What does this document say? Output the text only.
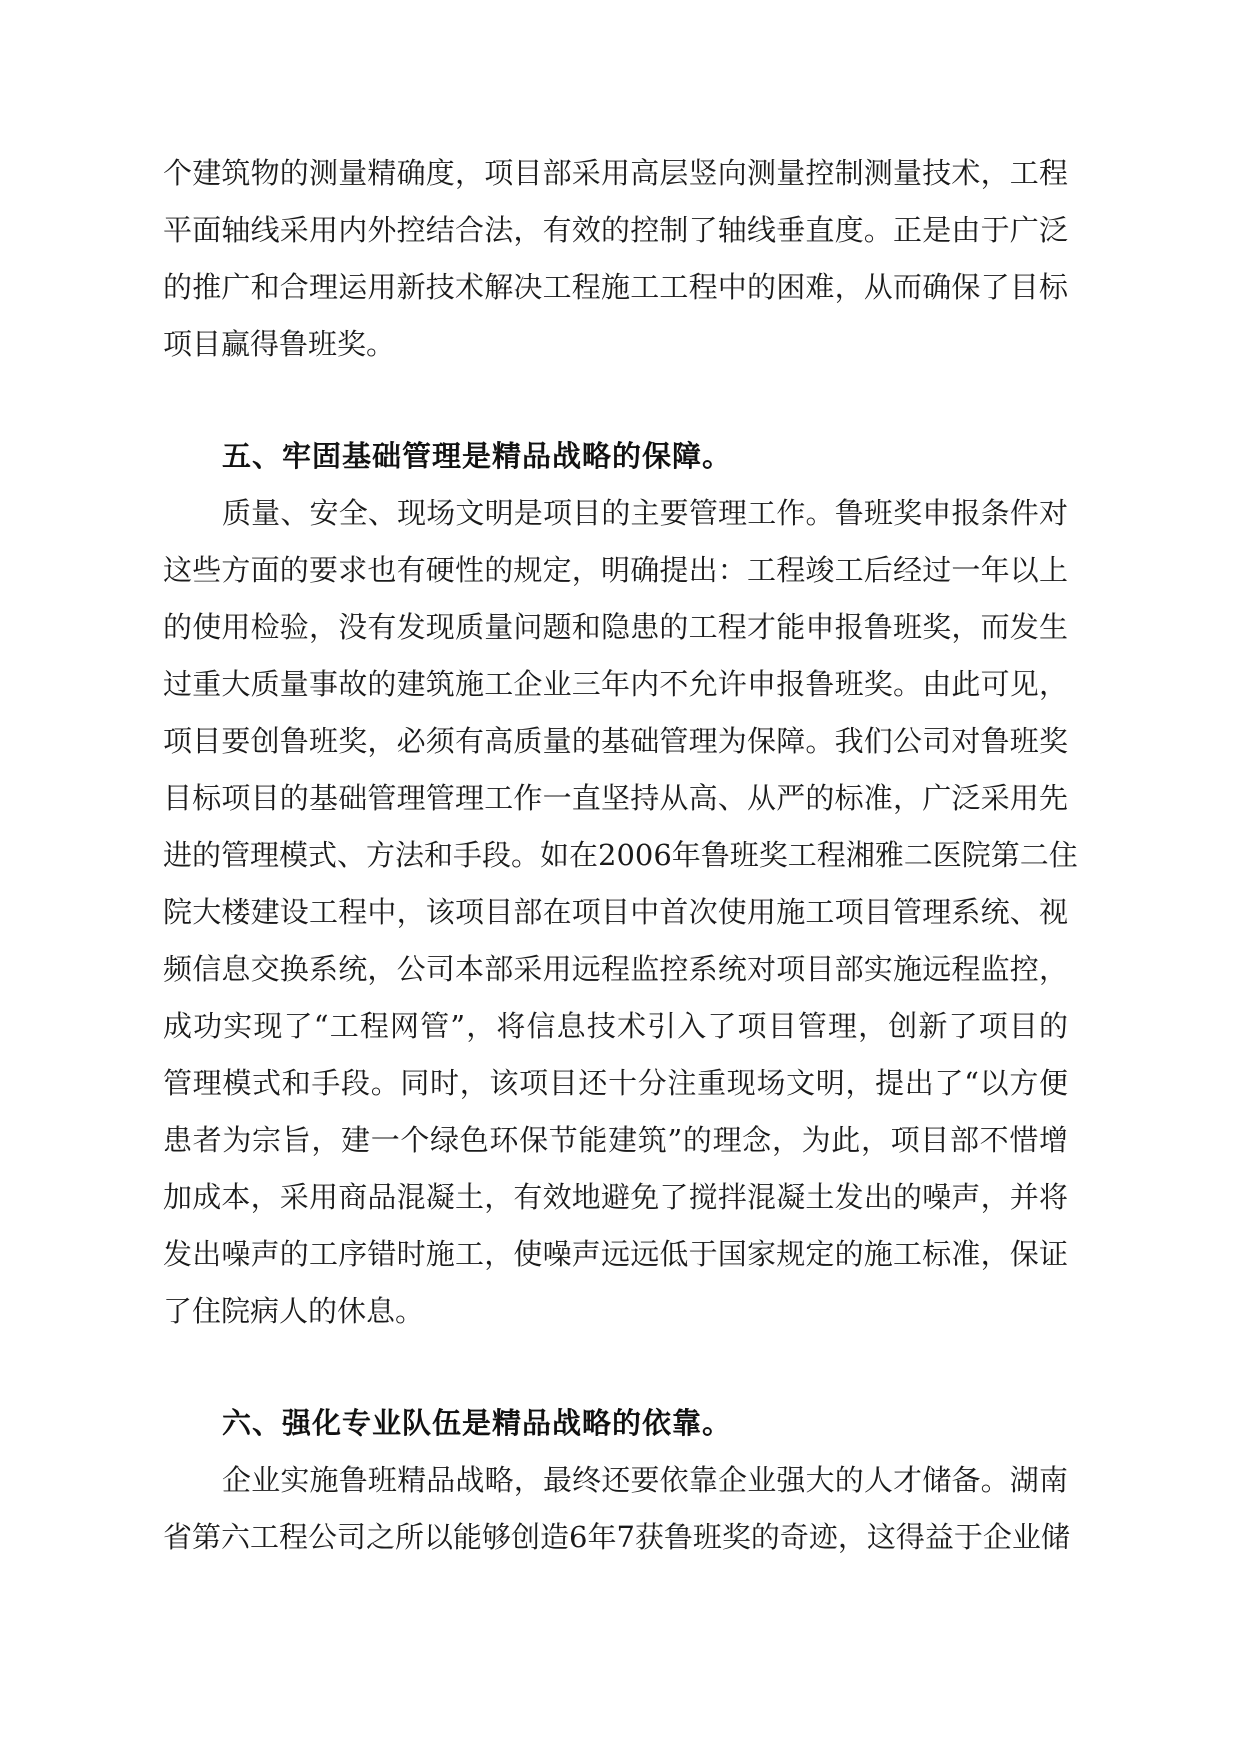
个建筑物的测量精确度，项目部采用高层竖向测量控制测量技术，工程
平面轴线采用内外控结合法，有效的控制了轴线垂直度。正是由于广泛
的推广和合理运用新技术解决工程施工工程中的困难，从而确保了目标
项目赢得鲁班奖。
五、牢固基础管理是精品战略的保障。
质量、安全、现场文明是项目的主要管理工作。鲁班奖申报条件对
这些方面的要求也有硬性的规定，明确提出：工程竣工后经过一年以上
的使用检验，没有发现质量问题和隐患的工程才能申报鲁班奖，而发生
过重大质量事故的建筑施工企业三年内不允许申报鲁班奖。由此可见，
项目要创鲁班奖，必须有高质量的基础管理为保障。我们公司对鲁班奖
目标项目的基础管理管理工作一直坚持从高、从严的标准，广泛采用先
进的管理模式、方法和手段。如在2006年鲁班奖工程湘雅二医院第二住
院大楼建设工程中，该项目部在项目中首次使用施工项目管理系统、视
频信息交换系统，公司本部采用远程监控系统对项目部实施远程监控，
成功实现了“工程网管”，将信息技术引入了项目管理，创新了项目的
管理模式和手段。同时，该项目还十分注重现场文明，提出了“以方便
患者为宗旨，建一个绿色环保节能建筑”的理念，为此，项目部不惜增
加成本，采用商品混凝土，有效地避免了搅拌混凝土发出的噪声，并将
发出噪声的工序错时施工，使噪声远远低于国家规定的施工标准，保证
了住院病人的休息。
六、强化专业队伍是精品战略的依靠。
企业实施鲁班精品战略，最终还要依靠企业强大的人才储备。湖南
省第六工程公司之所以能够创造6年7获鲁班奖的奇迹，这得益于企业储
